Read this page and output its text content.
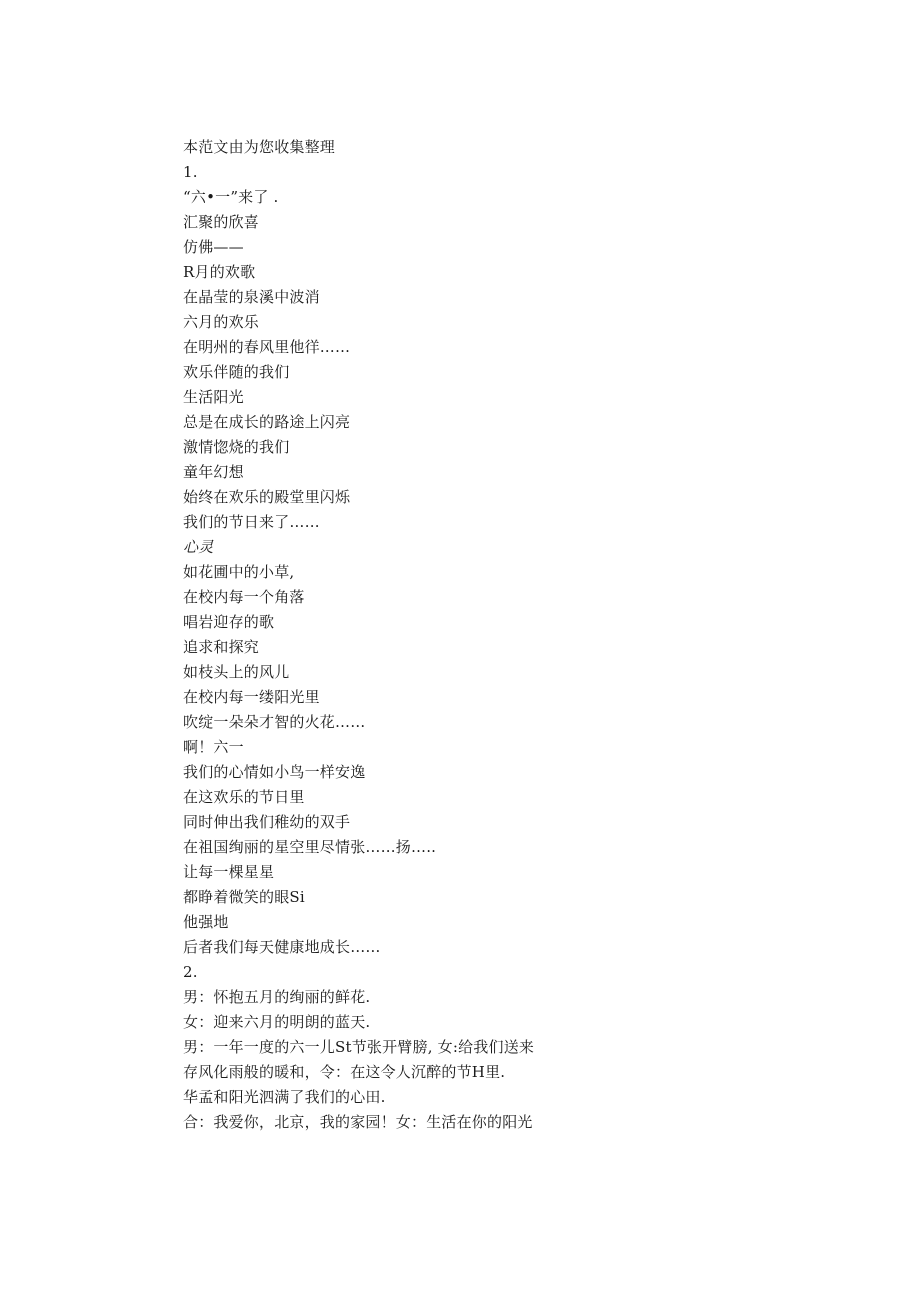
本范文由为您收集整理
1.
“六•一”来了 .
汇聚的欣喜
仿佛——
R月的欢歌
在晶莹的泉溪中波消
六月的欢乐
在明州的春风里他徉……
欢乐伴随的我们
生活阳光
总是在成长的路途上闪亮
激情惚烧的我们
童年幻想
始终在欢乐的殿堂里闪烁
我们的节日来了……
心灵
如花圃中的小草,
在校内每一个角落
唱岩迎存的歌
追求和探究
如枝头上的风儿
在校内每一缕阳光里
吹绽一朵朵才智的火花……
啊！六一
我们的心情如小鸟一样安逸
在这欢乐的节日里
同时伸出我们稚幼的双手
在祖国绚丽的星空里尽情张……扬…..
让每一棵星星
都睁着微笑的眼Si
他强地
后者我们每天健康地成长……
2.
男：怀抱五月的绚丽的鲜花.
女：迎来六月的明朗的蓝天.
男：一年一度的六一儿St节张开臂膀, 女:给我们送来
存风化雨般的暖和，令：在这令人沉醉的节H里.
华孟和阳光泗满了我们的心田.
合：我爱你，北京，我的家园！女：生活在你的阳光
